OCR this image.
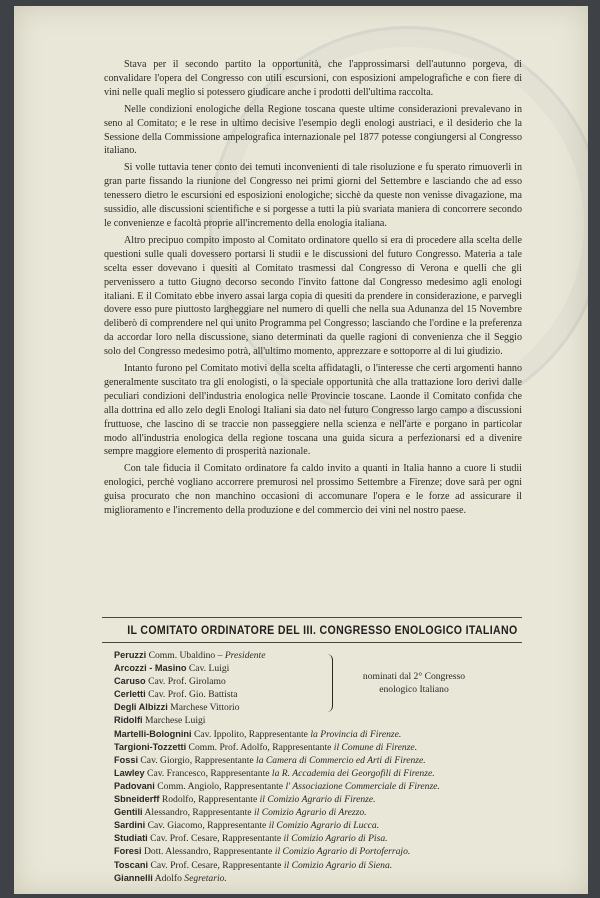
Stava per il secondo partito la opportunità, che l'approssimarsi dell'autunno porgeva, di convalidare l'opera del Congresso con utili escursioni, con esposizioni ampelografiche e con fiere di vini nelle quali meglio si potessero giudicare anche i prodotti dell'ultima raccolta.

Nelle condizioni enologiche della Regione toscana queste ultime considerazioni prevalevano in seno al Comitato; e le rese in ultimo decisive l'esempio degli enologi austriaci, e il desiderio che la Sessione della Commissione ampelografica internazionale pel 1877 potesse congiungersi al Congresso italiano.

Si volle tuttavia tener conto dei temuti inconvenienti di tale risoluzione e fu sperato rimuoverli in gran parte fissando la riunione del Congresso nei primi giorni del Settembre e lasciando che ad esso tenessero dietro le escursioni ed esposizioni enologiche; sicchè da queste non venisse divagazione, ma sussidio, alle discussioni scientifiche e si porgesse a tutti la più svariata maniera di concorrere secondo le convenienze e facoltà proprie all'incremento della enologia italiana.

Altro precipuo compito imposto al Comitato ordinatore quello si era di procedere alla scelta delle questioni sulle quali dovessero portarsi li studii e le discussioni del futuro Congresso. Materia a tale scelta esser dovevano i quesiti al Comitato trasmessi dal Congresso di Verona e quelli che gli pervenissero a tutto Giugno decorso secondo l'invito fattone dal Congresso medesimo agli enologi italiani. E il Comitato ebbe invero assai larga copia di quesiti da prendere in considerazione, e parvegli dovere esso pure piuttosto largheggiare nel numero di quelli che nella sua Adunanza del 15 Novembre deliberò di comprendere nel qui unito Programma pel Congresso; lasciando che l'ordine e la preferenza da accordar loro nella discussione, siano determinati da quelle ragioni di convenienza che il Seggio solo del Congresso medesimo potrà, all'ultimo momento, apprezzare e sottoporre al di lui giudizio.

Intanto furono pel Comitato motivi della scelta affidatagli, o l'interesse che certi argomenti hanno generalmente suscitato tra gli enologisti, o la speciale opportunità che alla trattazione loro derivi dalle peculiari condizioni dell'industria enologica nelle Provincie toscane. Laonde il Comitato confida che alla dottrina ed allo zelo degli Enologi Italiani sia dato nel futuro Congresso largo campo a discussioni fruttuose, che lascino di se traccie non passeggiere nella scienza e nell'arte e porgano in particolar modo all'industria enologica della regione toscana una guida sicura a perfezionarsi ed a divenire sempre maggiore elemento di prosperità nazionale.

Con tale fiducia il Comitato ordinatore fa caldo invito a quanti in Italia hanno a cuore li studii enologici, perchè vogliano accorrere premurosi nel prossimo Settembre a Firenze; dove sarà per ogni guisa procurato che non manchino occasioni di accomunare l'opera e le forze ad assicurare il miglioramento e l'incremento della produzione e del commercio dei vini nel nostro paese.

IL COMITATO ORDINATORE DEL III. CONGRESSO ENOLOGICO ITALIANO
Peruzzi Comm. Ubaldino – Presidente
Arcozzi - Masino Cav. Luigi
Caruso Cav. Prof. Girolamo
Cerletti Cav. Prof. Gio. Battista
Degli Albizzi Marchese Vittorio
Ridolfi Marchese Luigi
Martelli-Bolognini Cav. Ippolito, Rappresentante la Provincia di Firenze.
Targioni-Tozzetti Comm. Prof. Adolfo, Rappresentante il Comune di Firenze.
Fossi Cav. Giorgio, Rappresentante la Camera di Commercio ed Arti di Firenze.
Lawley Cav. Francesco, Rappresentante la R. Accademia dei Georgofili di Firenze.
Padovani Comm. Angiolo, Rappresentante l' Associazione Commerciale di Firenze.
Sbneiderff Rodolfo, Rappresentante il Comizio Agrario di Firenze.
Gentili Alessandro, Rappresentante il Comizio Agrario di Arezzo.
Sardini Cav. Giacomo, Rappresentante il Comizio Agrario di Lucca.
Studiati Cav. Prof. Cesare, Rappresentante il Comizio Agrario di Pisa.
Foresi Dott. Alessandro, Rappresentante il Comizio Agrario di Portoferrajo.
Toscani Cav. Prof. Cesare, Rappresentante il Comizio Agrario di Siena.
Giannelli Adolfo Segretario.
nominati dal 2° Congresso enologico Italiano
